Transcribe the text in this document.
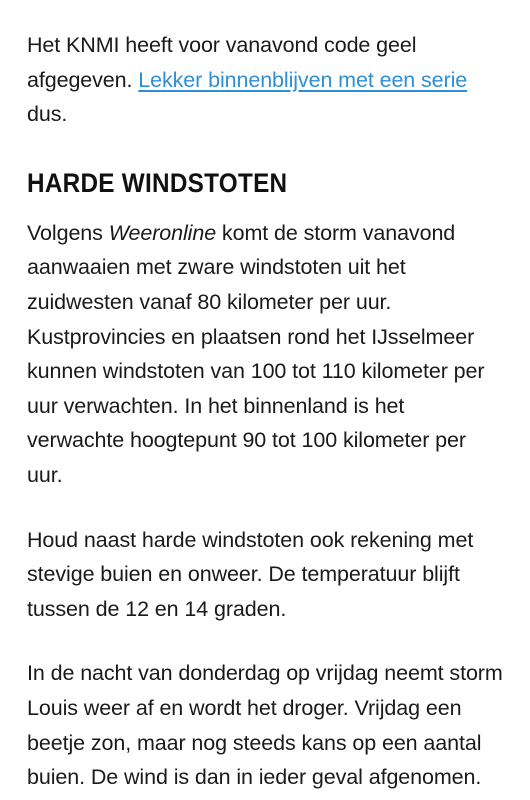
Het KNMI heeft voor vanavond code geel afgegeven. Lekker binnenblijven met een serie dus.

HARDE WINDSTOTEN

Volgens Weeronline komt de storm vanavond aanwaaien met zware windstoten uit het zuidwesten vanaf 80 kilometer per uur. Kustprovincies en plaatsen rond het IJsselmeer kunnen windstoten van 100 tot 110 kilometer per uur verwachten. In het binnenland is het verwachte hoogtepunt 90 tot 100 kilometer per uur.

Houd naast harde windstoten ook rekening met stevige buien en onweer. De temperatuur blijft tussen de 12 en 14 graden.

In de nacht van donderdag op vrijdag neemt storm Louis weer af en wordt het droger. Vrijdag een beetje zon, maar nog steeds kans op een aantal buien. De wind is dan in ieder geval afgenomen.
